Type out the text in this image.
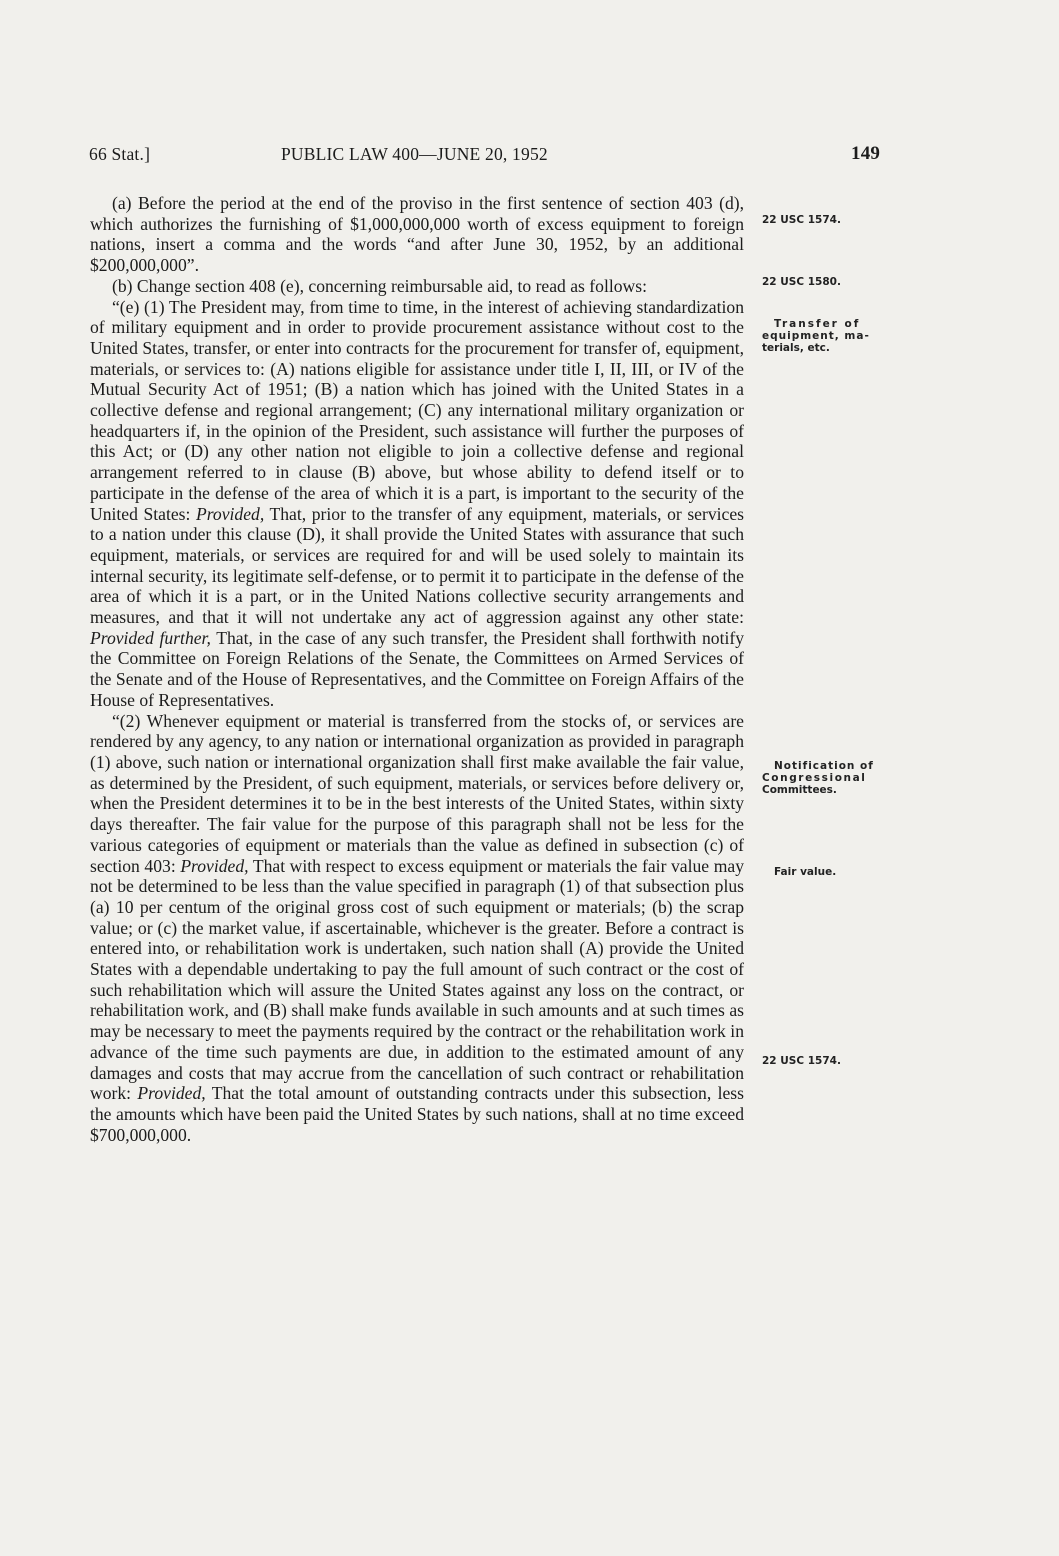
66 Stat.]	PUBLIC LAW 400—JUNE 20, 1952	149

(a) Before the period at the end of the proviso in the first sentence of section 403 (d), which authorizes the furnishing of $1,000,000,000 worth of excess equipment to foreign nations, insert a comma and the words “and after June 30, 1952, by an additional $200,000,000”.

(b) Change section 408 (e), concerning reimbursable aid, to read as follows:

“(e) (1) The President may, from time to time, in the interest of achieving standardization of military equipment and in order to provide procurement assistance without cost to the United States, transfer, or enter into contracts for the procurement for transfer of, equipment, materials, or services to: (A) nations eligible for assistance under title I, II, III, or IV of the Mutual Security Act of 1951; (B) a nation which has joined with the United States in a collective defense and regional arrangement; (C) any international military organization or headquarters if, in the opinion of the President, such assistance will further the purposes of this Act; or (D) any other nation not eligible to join a collective defense and regional arrangement referred to in clause (B) above, but whose ability to defend itself or to participate in the defense of the area of which it is a part, is important to the security of the United States: Provided, That, prior to the transfer of any equipment, materials, or services to a nation under this clause (D), it shall provide the United States with assurance that such equipment, materials, or services are required for and will be used solely to maintain its internal security, its legitimate self-defense, or to permit it to participate in the defense of the area of which it is a part, or in the United Nations collective security arrangements and measures, and that it will not undertake any act of aggression against any other state: Provided further, That, in the case of any such transfer, the President shall forthwith notify the Committee on Foreign Relations of the Senate, the Committees on Armed Services of the Senate and of the House of Representatives, and the Committee on Foreign Affairs of the House of Representatives.

“(2) Whenever equipment or material is transferred from the stocks of, or services are rendered by any agency, to any nation or international organization as provided in paragraph (1) above, such nation or international organization shall first make available the fair value, as determined by the President, of such equipment, materials, or services before delivery or, when the President determines it to be in the best interests of the United States, within sixty days thereafter. The fair value for the purpose of this paragraph shall not be less for the various categories of equipment or materials than the value as defined in subsection (c) of section 403: Provided, That with respect to excess equipment or materials the fair value may not be determined to be less than the value specified in paragraph (1) of that subsection plus (a) 10 per centum of the original gross cost of such equipment or materials; (b) the scrap value; or (c) the market value, if ascertainable, whichever is the greater. Before a contract is entered into, or rehabilitation work is undertaken, such nation shall (A) provide the United States with a dependable undertaking to pay the full amount of such contract or the cost of such rehabilitation which will assure the United States against any loss on the contract, or rehabilitation work, and (B) shall make funds available in such amounts and at such times as may be necessary to meet the payments required by the contract or the rehabilitation work in advance of the time such payments are due, in addition to the estimated amount of any damages and costs that may accrue from the cancellation of such contract or rehabilitation work: Provided, That the total amount of outstanding contracts under this subsection, less the amounts which have been paid the United States by such nations, shall at no time exceed $700,000,000.

22 USC 1574.
22 USC 1580.
Transfer of
equipment, ma-
terials, etc.
Notification of
Congressional
Committees.
Fair value.
22 USC 1574.
